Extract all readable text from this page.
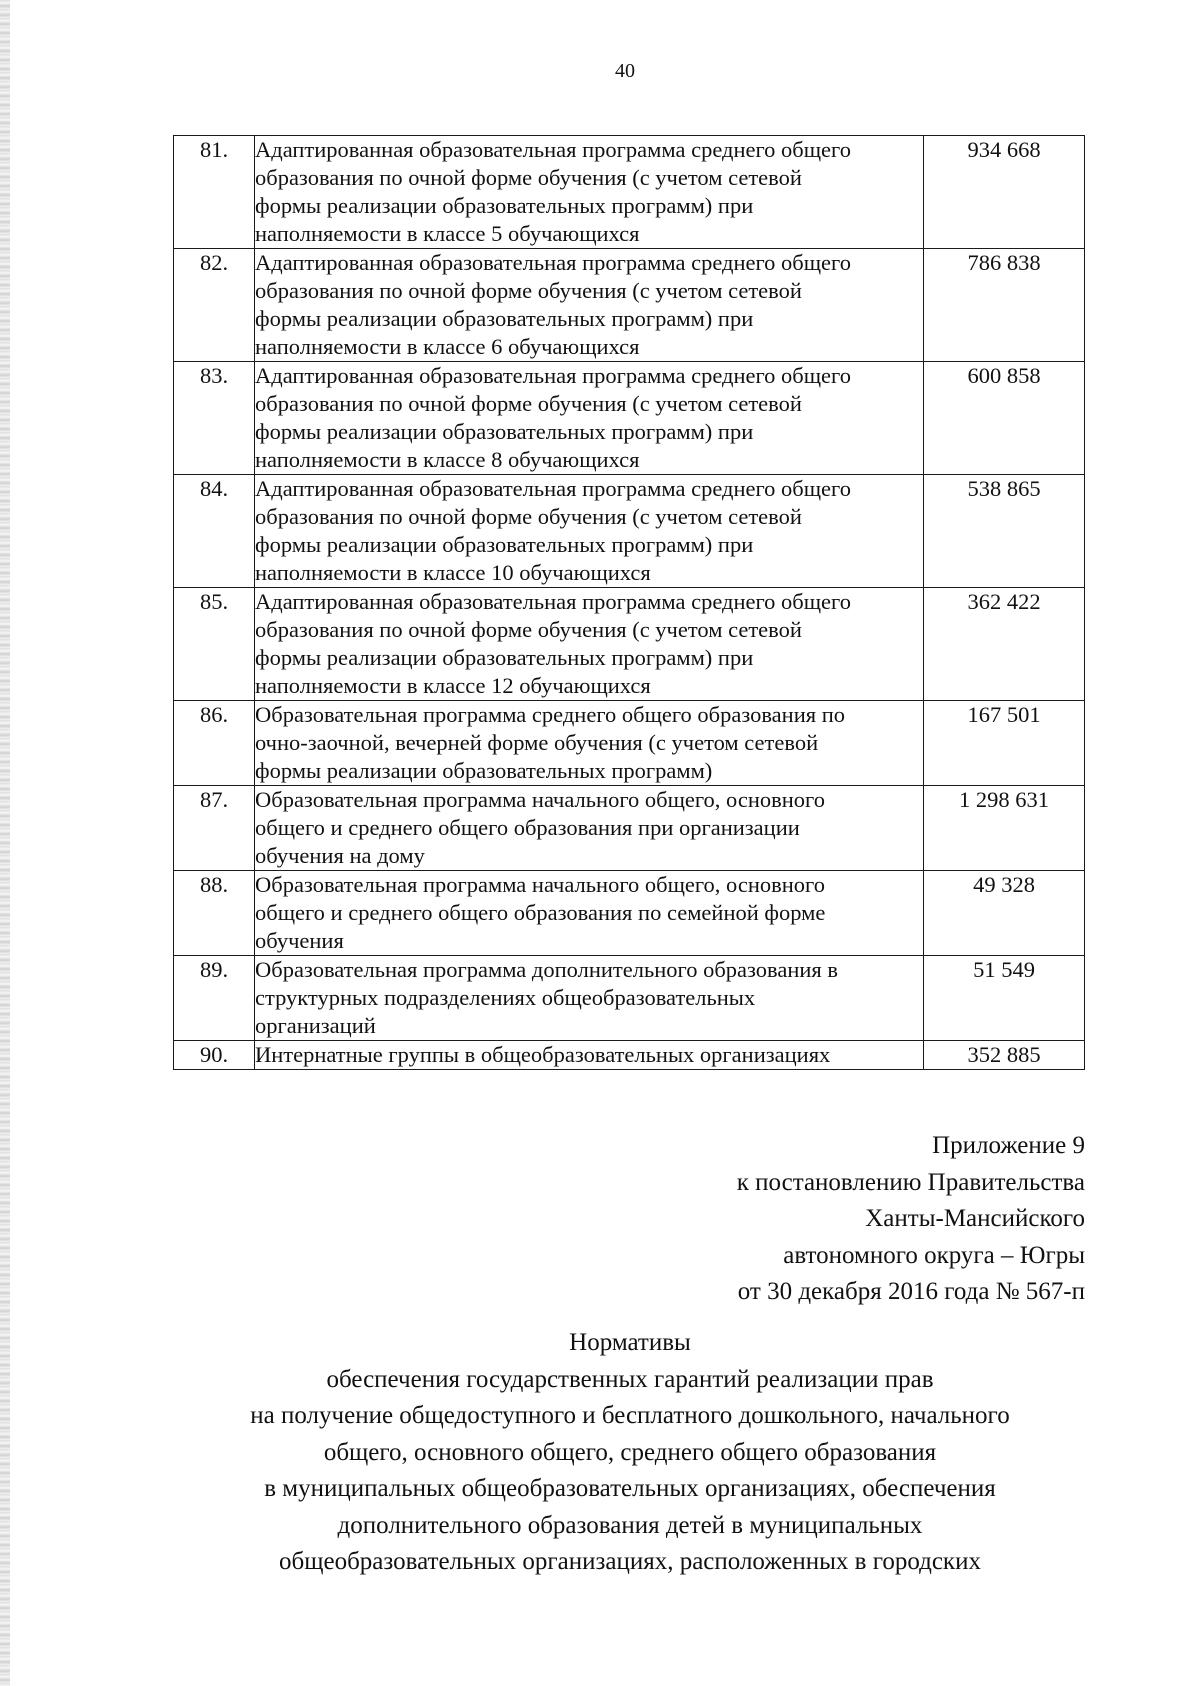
40
81.	Адаптированная образовательная программа среднего общего
образования по очной форме обучения (с учетом сетевой
формы реализации образовательных программ) при
наполняемости в классе 5 обучающихся	934 668
82.	Адаптированная образовательная программа среднего общего
образования по очной форме обучения (с учетом сетевой
формы реализации образовательных программ) при
наполняемости в классе 6 обучающихся	786 838
83.	Адаптированная образовательная программа среднего общего
образования по очной форме обучения (с учетом сетевой
формы реализации образовательных программ) при
наполняемости в классе 8 обучающихся	600 858
84.	Адаптированная образовательная программа среднего общего
образования по очной форме обучения (с учетом сетевой
формы реализации образовательных программ) при
наполняемости в классе 10 обучающихся	538 865
85.	Адаптированная образовательная программа среднего общего
образования по очной форме обучения (с учетом сетевой
формы реализации образовательных программ) при
наполняемости в классе 12 обучающихся	362 422
86.	Образовательная программа среднего общего образования по
очно-заочной, вечерней форме обучения (с учетом сетевой
формы реализации образовательных программ)	167 501
87.	Образовательная программа начального общего, основного
общего и среднего общего образования при организации
обучения на дому	1 298 631
88.	Образовательная программа начального общего, основного
общего и среднего общего образования по семейной форме
обучения	49 328
89.	Образовательная программа дополнительного образования в
структурных подразделениях общеобразовательных
организаций	51 549
90.	Интернатные группы в общеобразовательных организациях	352 885
Приложение 9
к постановлению Правительства
Ханты-Мансийского
автономного округа – Югры
от 30 декабря 2016 года № 567-п
Нормативы
обеспечения государственных гарантий реализации прав
на получение общедоступного и бесплатного дошкольного, начального
общего, основного общего, среднего общего образования
в муниципальных общеобразовательных организациях, обеспечения
дополнительного образования детей в муниципальных
общеобразовательных организациях, расположенных в городских
